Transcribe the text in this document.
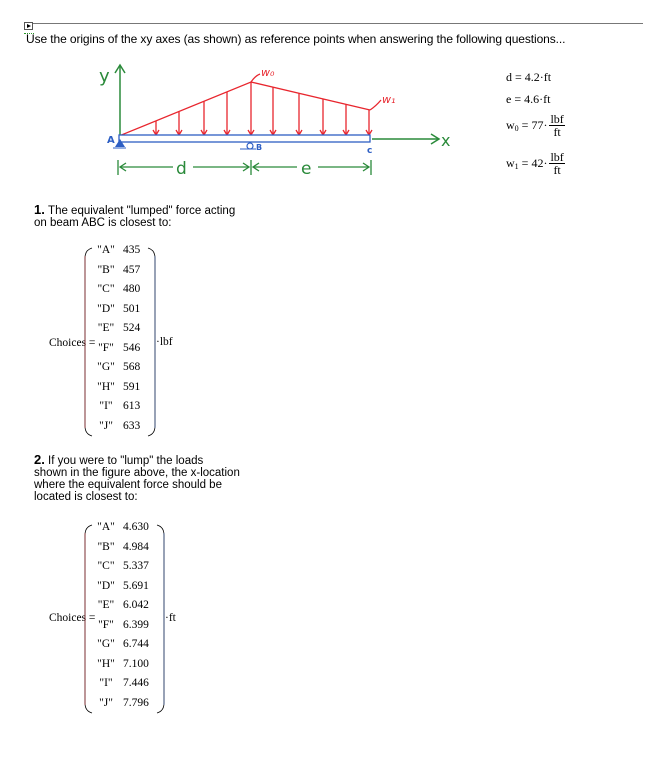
Use the origins of the xy axes (as shown) as reference points when answering the following questions...
w₀
w₁
A
B	c
y
x
d	e
d
= 4.2·ft
e
= 4.6·ft
w 0
= $77\cdot \frac{\text{lbf}}{ft}$
w 1
= $42\cdot \frac{\text{lbf}}{ft}$
1. The equivalent "lumped" force acting
on beam ABC is closest to:
Choices =
"A" 435
"B" 457
"C" 480
"D" 501
"E" 524
"F" 546
"G" 568
"H" 591
"I" 613
"J" 633
·lbf
2. If you were to "lump" the loads
shown in the figure above, the x-location
where the equivalent force should be
located is closest to:
Choices =
"A" 4.630
"B" 4.984
"C" 5.337
"D" 5.691
"E" 6.042
"F" 6.399
"G" 6.744
"H" 7.100
"I" 7.446
"J" 7.796
·ft
